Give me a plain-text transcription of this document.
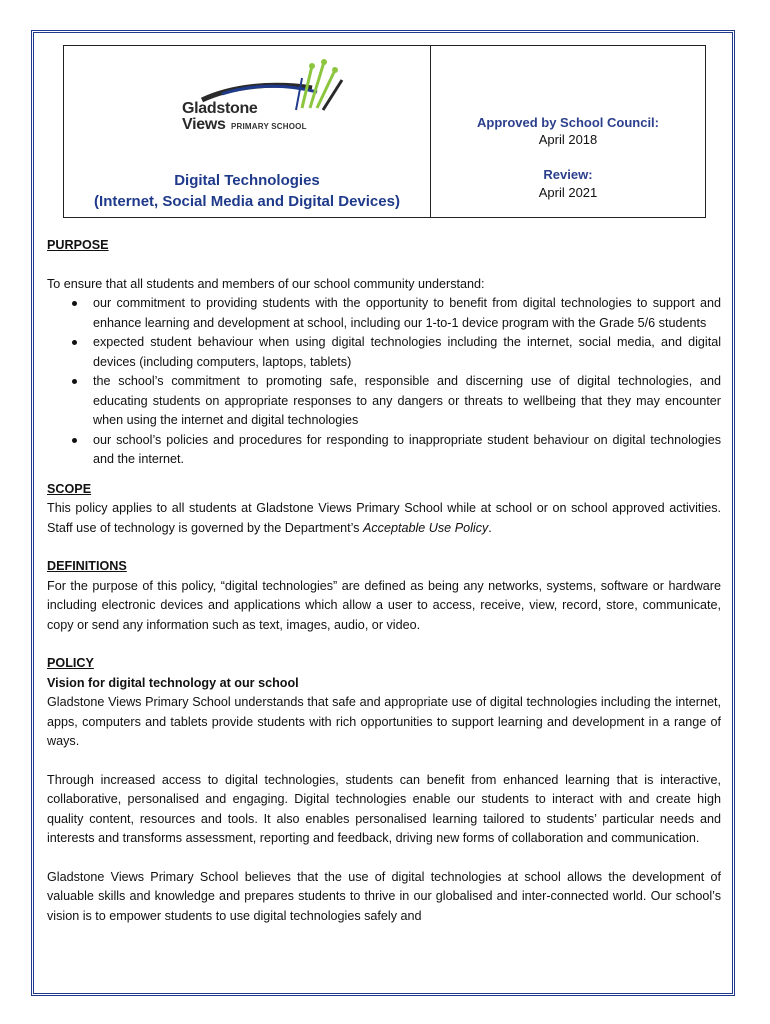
Gladstone
Views PRIMARY SCHOOL
Digital Technologies
(Internet, Social Media and Digital Devices)
Approved by School Council:
April 2018
Review:
April 2021

PURPOSE

To ensure that all students and members of our school community understand:

our commitment to providing students with the opportunity to benefit from digital technologies to support and enhance learning and development at school, including our 1-to-1 device program with the Grade 5/6 students
expected student behaviour when using digital technologies including the internet, social media, and digital devices (including computers, laptops, tablets)
the school’s commitment to promoting safe, responsible and discerning use of digital technologies, and educating students on appropriate responses to any dangers or threats to wellbeing that they may encounter when using the internet and digital technologies
our school’s policies and procedures for responding to inappropriate student behaviour on digital technologies and the internet.

SCOPE

This policy applies to all students at Gladstone Views Primary School while at school or on school approved activities. Staff use of technology is governed by the Department’s Acceptable Use Policy.

DEFINITIONS

For the purpose of this policy, “digital technologies” are defined as being any networks, systems, software or hardware including electronic devices and applications which allow a user to access, receive, view, record, store, communicate, copy or send any information such as text, images, audio, or video.

POLICY

Vision for digital technology at our school

Gladstone Views Primary School understands that safe and appropriate use of digital technologies including the internet, apps, computers and tablets provide students with rich opportunities to support learning and development in a range of ways.

Through increased access to digital technologies, students can benefit from enhanced learning that is interactive, collaborative, personalised and engaging. Digital technologies enable our students to interact with and create high quality content, resources and tools. It also enables personalised learning tailored to students’ particular needs and interests and transforms assessment, reporting and feedback, driving new forms of collaboration and communication.

Gladstone Views Primary School believes that the use of digital technologies at school allows the development of valuable skills and knowledge and prepares students to thrive in our globalised and inter-connected world. Our school’s vision is to empower students to use digital technologies safely and
